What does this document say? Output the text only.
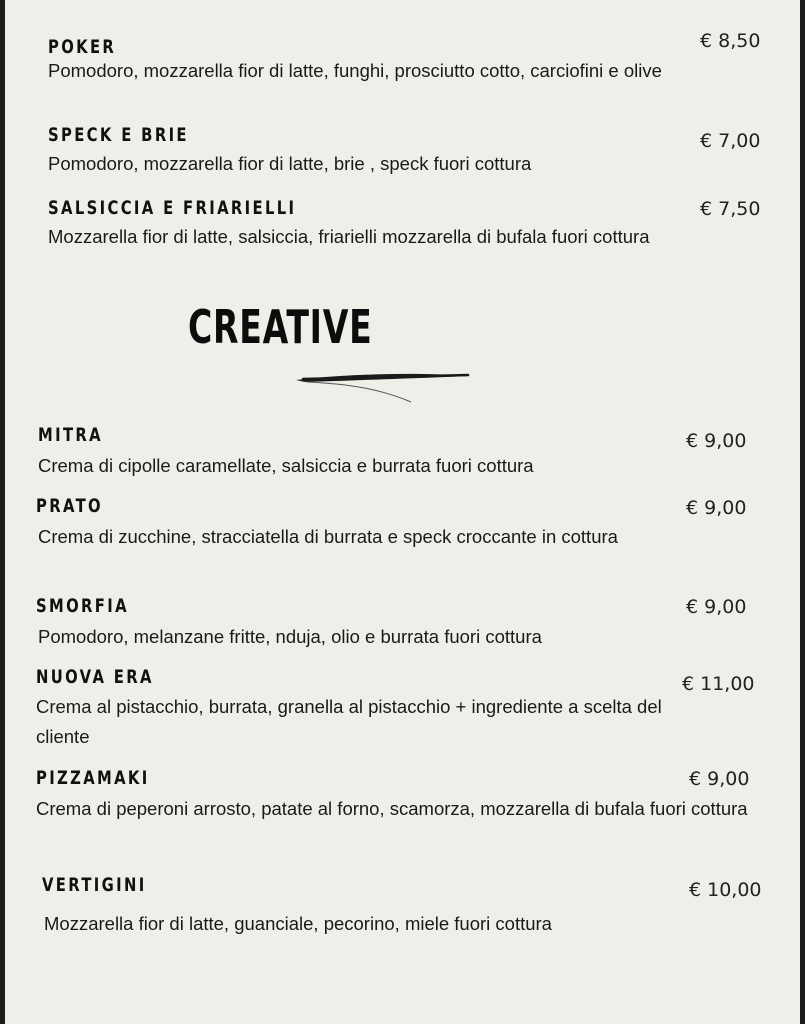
POKER	€ 8,50
Pomodoro, mozzarella fior di latte, funghi, prosciutto cotto, carciofini e olive
SPECK E BRIE	€ 7,00
Pomodoro, mozzarella fior di latte, brie , speck fuori cottura
SALSICCIA E FRIARIELLI	€ 7,50
Mozzarella fior di latte, salsiccia, friarielli mozzarella di bufala fuori cottura
CREATIVE
MITRA	€ 9,00
Crema di cipolle caramellate, salsiccia e burrata fuori cottura
PRATO	€ 9,00
Crema di zucchine, stracciatella di burrata e speck croccante in cottura
SMORFIA	€ 9,00
Pomodoro, melanzane fritte, nduja, olio e burrata fuori cottura
NUOVA ERA	€ 11,00
Crema al pistacchio, burrata, granella al pistacchio + ingrediente a scelta del cliente
PIZZAMAKI	€ 9,00
Crema di peperoni arrosto, patate al forno, scamorza, mozzarella di bufala fuori cottura
VERTIGINI	€ 10,00
Mozzarella fior di latte, guanciale, pecorino, miele fuori cottura
